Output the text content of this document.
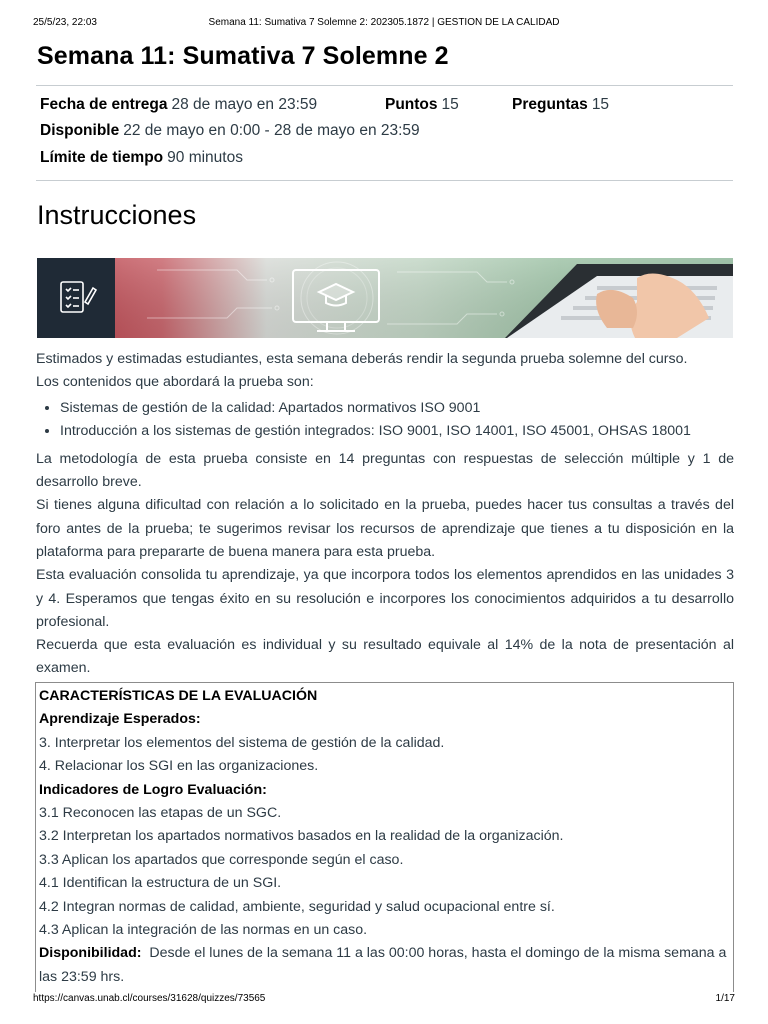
25/5/23, 22:03	Semana 11: Sumativa 7 Solemne 2: 202305.1872 | GESTION DE LA CALIDAD
Semana 11: Sumativa 7 Solemne 2
Fecha de entrega 28 de mayo en 23:59	Puntos 15	Preguntas 15
Disponible 22 de mayo en 0:00 - 28 de mayo en 23:59
Límite de tiempo 90 minutos
Instrucciones

Estimados y estimadas estudiantes, esta semana deberás rendir la segunda prueba solemne del curso.

Los contenidos que abordará la prueba son:

• Sistemas de gestión de la calidad: Apartados normativos ISO 9001
• Introducción a los sistemas de gestión integrados: ISO 9001, ISO 14001, ISO 45001, OHSAS 18001

La metodología de esta prueba consiste en 14 preguntas con respuestas de selección múltiple y 1 de desarrollo breve.

Si tienes alguna dificultad con relación a lo solicitado en la prueba, puedes hacer tus consultas a través del foro antes de la prueba; te sugerimos revisar los recursos de aprendizaje que tienes a tu disposición en la plataforma para prepararte de buena manera para esta prueba.

Esta evaluación consolida tu aprendizaje, ya que incorpora todos los elementos aprendidos en las unidades 3 y 4. Esperamos que tengas éxito en su resolución e incorpores los conocimientos adquiridos a tu desarrollo profesional.

Recuerda que esta evaluación es individual y su resultado equivale al 14% de la nota de presentación al examen.

CARACTERÍSTICAS DE LA EVALUACIÓN
Aprendizaje Esperados:
3. Interpretar los elementos del sistema de gestión de la calidad.
4. Relacionar los SGI en las organizaciones.
Indicadores de Logro Evaluación:
3.1 Reconocen las etapas de un SGC.
3.2 Interpretan los apartados normativos basados en la realidad de la organización.
3.3 Aplican los apartados que corresponde según el caso.
4.1 Identifican la estructura de un SGI.
4.2 Integran normas de calidad, ambiente, seguridad y salud ocupacional entre sí.
4.3 Aplican la integración de las normas en un caso.
Disponibilidad: Desde el lunes de la semana 11 a las 00:00 horas, hasta el domingo de la misma semana a las 23:59 hrs.
https://canvas.unab.cl/courses/31628/quizzes/73565	1/17
